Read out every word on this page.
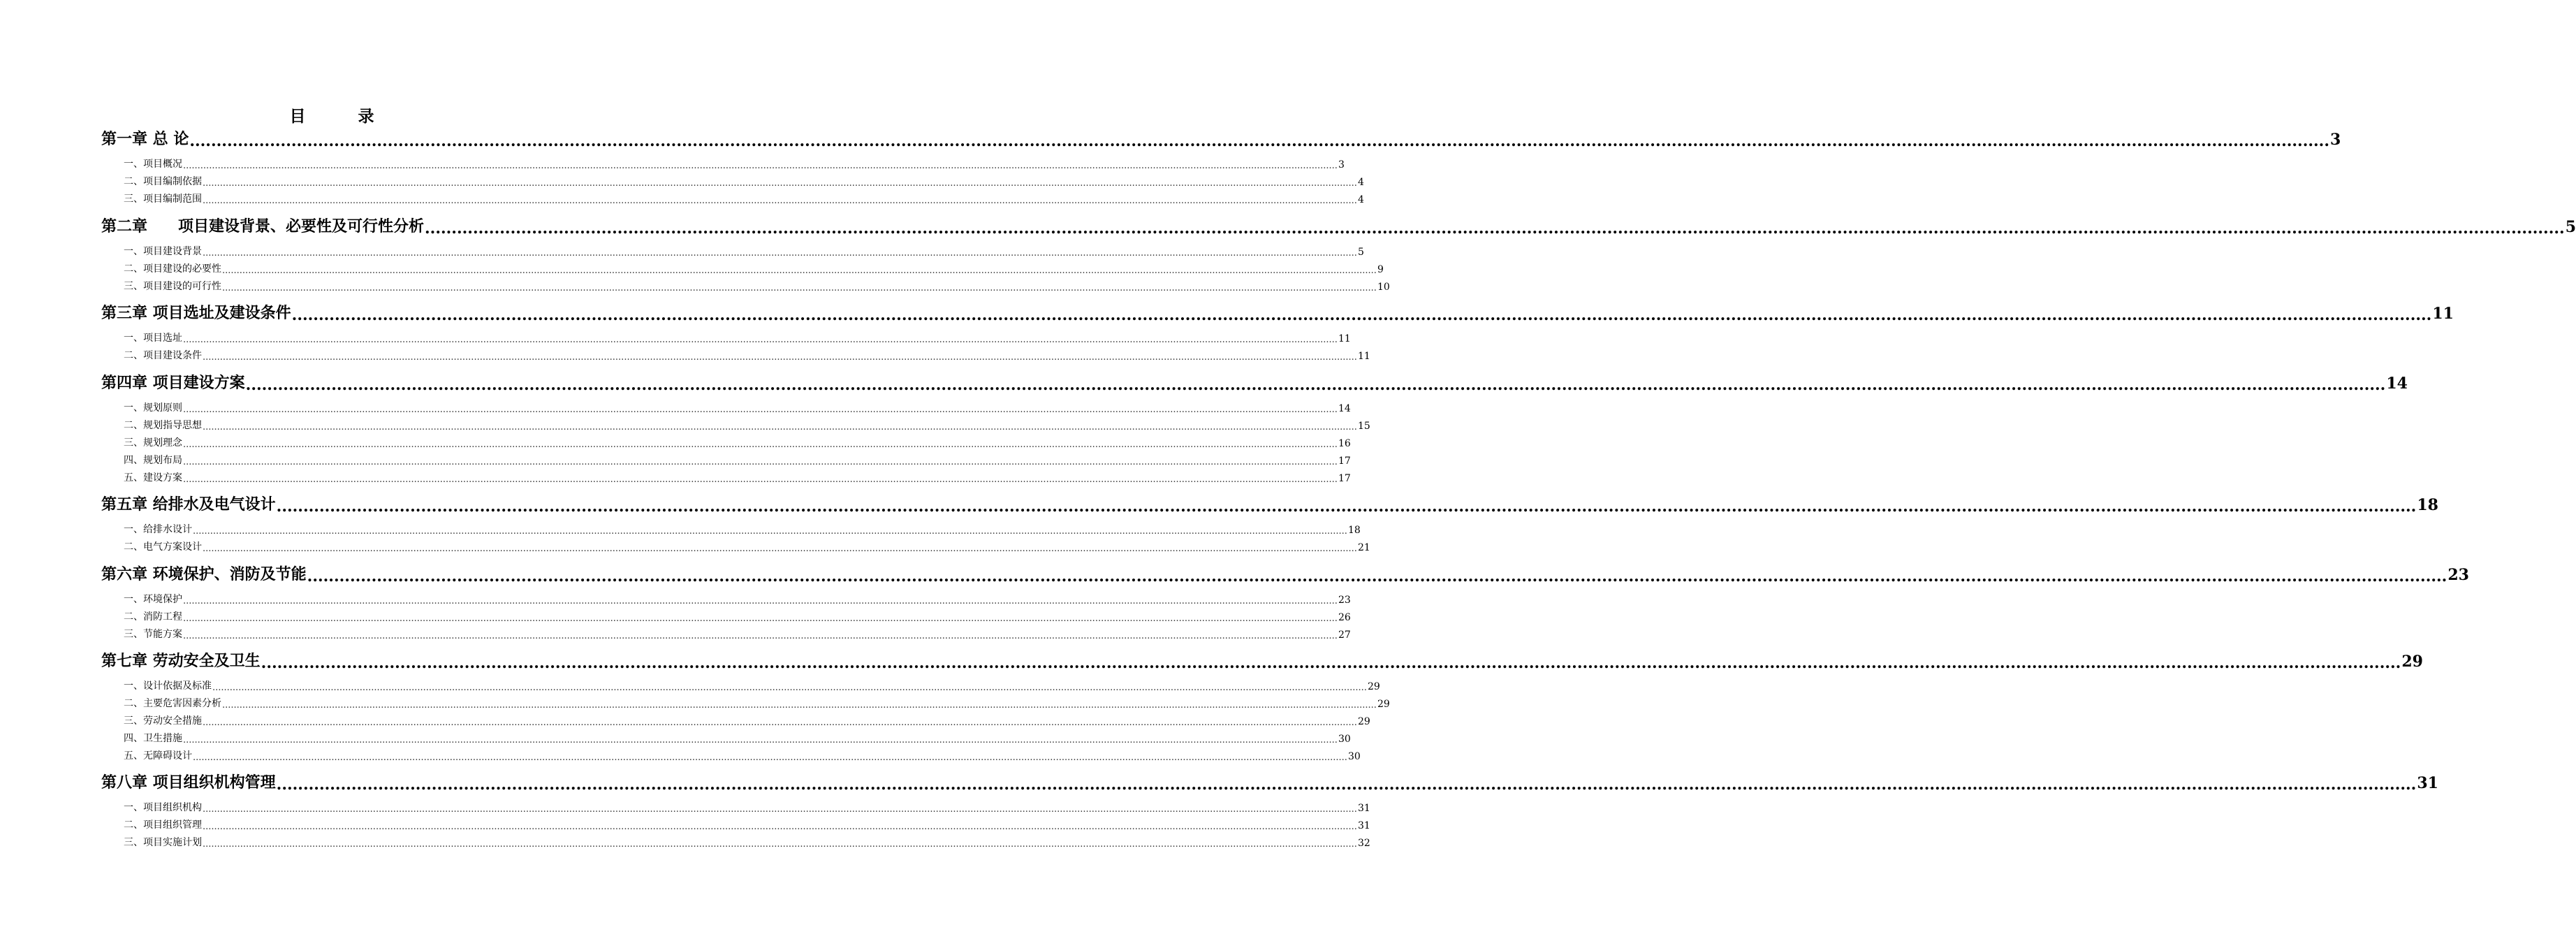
目　录
第一章 总 论 ................................................................................................................................................................................................................................................................................................................................................................................................................ 3
一、项目概况 ................................................................................................................................................................................................................................................................................................................................................................................................................ 3
二、项目编制依据 ................................................................................................................................................................................................................................................................................................................................................................................................................ 4
三、项目编制范围 ................................................................................................................................................................................................................................................................................................................................................................................................................ 4
第二章　　项目建设背景、必要性及可行性分析 ................................................................................................................................................................................................................................................................................................................................................................................................................ 5
一、项目建设背景 ................................................................................................................................................................................................................................................................................................................................................................................................................ 5
二、项目建设的必要性 ................................................................................................................................................................................................................................................................................................................................................................................................................ 9
三、项目建设的可行性 ................................................................................................................................................................................................................................................................................................................................................................................................................ 10
第三章 项目选址及建设条件 ................................................................................................................................................................................................................................................................................................................................................................................................................ 11
一、项目选址 ................................................................................................................................................................................................................................................................................................................................................................................................................ 11
二、项目建设条件 ................................................................................................................................................................................................................................................................................................................................................................................................................ 11
第四章 项目建设方案 ................................................................................................................................................................................................................................................................................................................................................................................................................ 14
一、规划原则 ................................................................................................................................................................................................................................................................................................................................................................................................................ 14
二、规划指导思想 ................................................................................................................................................................................................................................................................................................................................................................................................................ 15
三、规划理念 ................................................................................................................................................................................................................................................................................................................................................................................................................ 16
四、规划布局 ................................................................................................................................................................................................................................................................................................................................................................................................................ 17
五、建设方案 ................................................................................................................................................................................................................................................................................................................................................................................................................ 17
第五章 给排水及电气设计 ................................................................................................................................................................................................................................................................................................................................................................................................................ 18
一、给排水设计 ................................................................................................................................................................................................................................................................................................................................................................................................................ 18
二、电气方案设计 ................................................................................................................................................................................................................................................................................................................................................................................................................ 21
第六章 环境保护、消防及节能 ................................................................................................................................................................................................................................................................................................................................................................................................................ 23
一、环境保护 ................................................................................................................................................................................................................................................................................................................................................................................................................ 23
二、消防工程 ................................................................................................................................................................................................................................................................................................................................................................................................................ 26
三、节能方案 ................................................................................................................................................................................................................................................................................................................................................................................................................ 27
第七章 劳动安全及卫生 ................................................................................................................................................................................................................................................................................................................................................................................................................ 29
一、设计依据及标准 ................................................................................................................................................................................................................................................................................................................................................................................................................ 29
二、主要危害因素分析 ................................................................................................................................................................................................................................................................................................................................................................................................................ 29
三、劳动安全措施 ................................................................................................................................................................................................................................................................................................................................................................................................................ 29
四、卫生措施 ................................................................................................................................................................................................................................................................................................................................................................................................................ 30
五、无障碍设计 ................................................................................................................................................................................................................................................................................................................................................................................................................ 30
第八章 项目组织机构管理 ................................................................................................................................................................................................................................................................................................................................................................................................................ 31
一、项目组织机构 ................................................................................................................................................................................................................................................................................................................................................................................................................ 31
二、项目组织管理 ................................................................................................................................................................................................................................................................................................................................................................................................................ 31
三、项目实施计划 ................................................................................................................................................................................................................................................................................................................................................................................................................ 32
